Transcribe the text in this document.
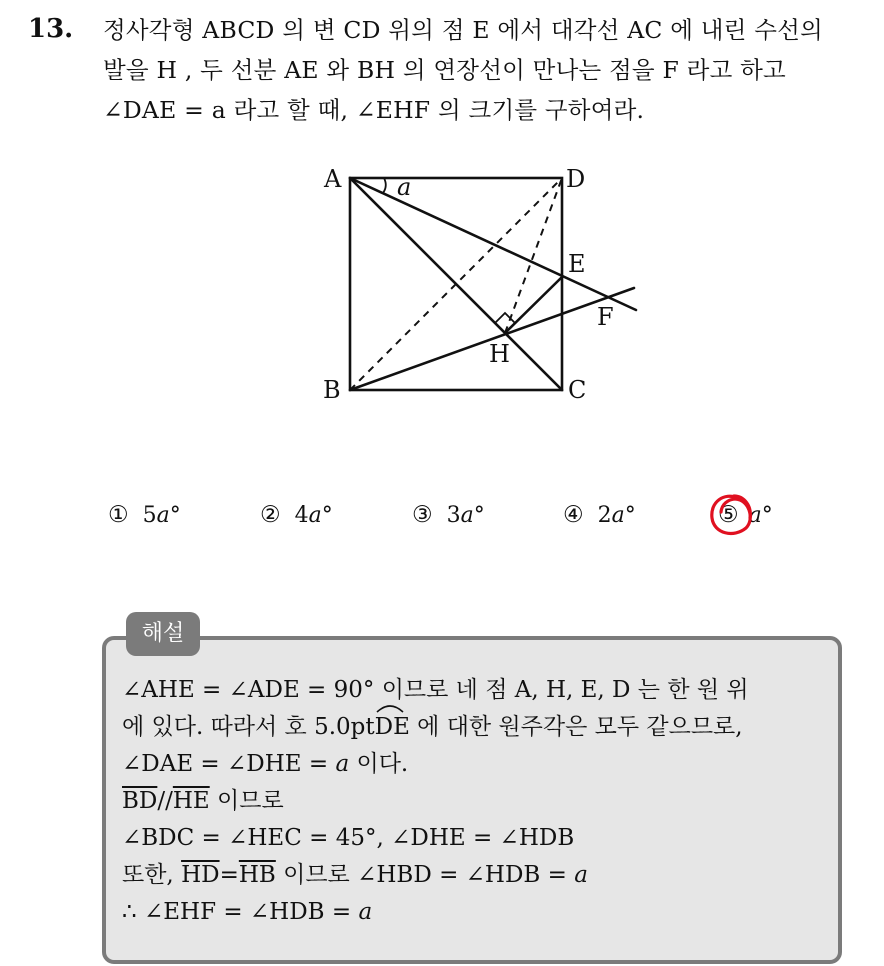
13. 정사각형 ABCD 의 변 CD 위의 점 E 에서 대각선 AC 에 내린 수선의
발을 H , 두 선분 AE 와 BH 의 연장선이 만나는 점을 F 라고 하고
∠DAE = a 라고 할 때, ∠EHF 의 크기를 구하여라.
A	D
B	C
E
F
H
a
① 5a°	② 4a°	③ 3a°	④ 2a°	⑤ a°
해설
∠AHE = ∠ADE = 90° 이므로 네 점 A, H, E, D 는 한 원 위
에 있다. 따라서 호 5.0pt
DE 에 대한 원주각은 모두 같으므로,
∠DAE = ∠DHE = a 이다.
$\overline{BD}//\overline{HE}$ 이므로
∠BDC = ∠HEC = 45°, ∠DHE = ∠HDB
또한, $\overline{HD}=\overline{HB}$ 이므로 ∠HBD = ∠HDB = a
∴ ∠EHF = ∠HDB = a
